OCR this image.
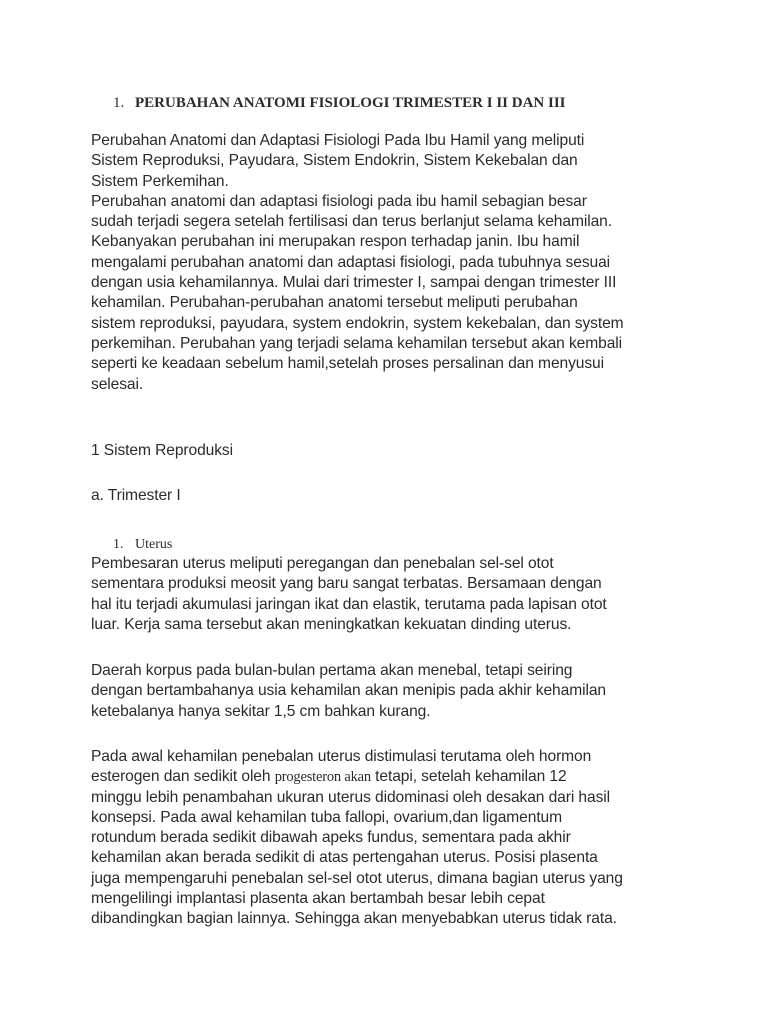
1. PERUBAHAN ANATOMI FISIOLOGI TRIMESTER I II DAN III
Perubahan Anatomi dan Adaptasi Fisiologi Pada Ibu Hamil yang meliputi
Sistem Reproduksi, Payudara, Sistem Endokrin, Sistem Kekebalan dan
Sistem Perkemihan.
Perubahan anatomi dan adaptasi fisiologi pada ibu hamil sebagian besar
sudah terjadi segera setelah fertilisasi dan terus berlanjut selama kehamilan.
Kebanyakan perubahan ini merupakan respon terhadap janin. Ibu hamil
mengalami perubahan anatomi dan adaptasi fisiologi, pada tubuhnya sesuai
dengan usia kehamilannya. Mulai dari trimester I, sampai dengan trimester III
kehamilan. Perubahan-perubahan anatomi tersebut meliputi perubahan
sistem reproduksi, payudara, system endokrin, system kekebalan, dan system
perkemihan. Perubahan yang terjadi selama kehamilan tersebut akan kembali
seperti ke keadaan sebelum hamil,setelah proses persalinan dan menyusui
selesai.
1 Sistem Reproduksi
a. Trimester I
1. Uterus
Pembesaran uterus meliputi peregangan dan penebalan sel-sel otot
sementara produksi meosit yang baru sangat terbatas. Bersamaan dengan
hal itu terjadi akumulasi jaringan ikat dan elastik, terutama pada lapisan otot
luar. Kerja sama tersebut akan meningkatkan kekuatan dinding uterus.
Daerah korpus pada bulan-bulan pertama akan menebal, tetapi seiring
dengan bertambahanya usia kehamilan akan menipis pada akhir kehamilan
ketebalanya hanya sekitar 1,5 cm bahkan kurang.
Pada awal kehamilan penebalan uterus distimulasi terutama oleh hormon
esterogen dan sedikit oleh progesteron akan tetapi, setelah kehamilan 12
minggu lebih penambahan ukuran uterus didominasi oleh desakan dari hasil
konsepsi. Pada awal kehamilan tuba fallopi, ovarium,dan ligamentum
rotundum berada sedikit dibawah apeks fundus, sementara pada akhir
kehamilan akan berada sedikit di atas pertengahan uterus. Posisi plasenta
juga mempengaruhi penebalan sel-sel otot uterus, dimana bagian uterus yang
mengelilingi implantasi plasenta akan bertambah besar lebih cepat
dibandingkan bagian lainnya. Sehingga akan menyebabkan uterus tidak rata.
